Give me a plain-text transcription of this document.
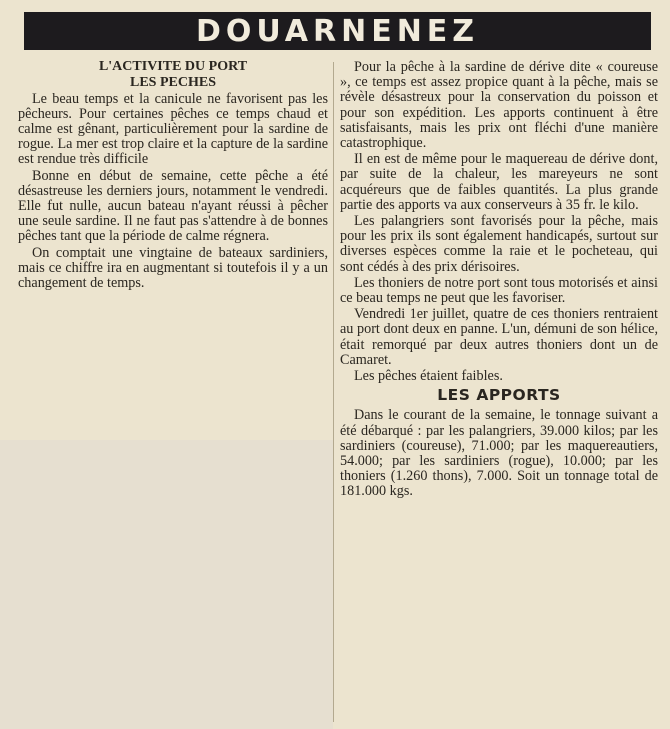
DOUARNENEZ
L'ACTIVITE DU PORT
LES PECHES

Le beau temps et la canicule ne favorisent pas les pêcheurs. Pour certaines pêches ce temps chaud et calme est gênant, particulièrement pour la sardine de rogue. La mer est trop claire et la capture de la sardine est rendue très difficile

Bonne en début de semaine, cette pêche a été désastreuse les derniers jours, notamment le vendredi. Elle fut nulle, aucun bateau n'ayant réussi à pêcher une seule sardine. Il ne faut pas s'attendre à de bonnes pêches tant que la période de calme régnera.

On comptait une vingtaine de bateaux sardiniers, mais ce chiffre ira en augmentant si toutefois il y a un changement de temps.

Pour la pêche à la sardine de dérive dite « coureuse », ce temps est assez propice quant à la pêche, mais se révèle désastreux pour la conservation du poisson et pour son expédition. Les apports continuent à être satisfaisants, mais les prix ont fléchi d'une manière catastrophique.

Il en est de même pour le maquereau de dérive dont, par suite de la chaleur, les mareyeurs ne sont acquéreurs que de faibles quantités. La plus grande partie des apports va aux conserveurs à 35 fr. le kilo.

Les palangriers sont favorisés pour la pêche, mais pour les prix ils sont également handicapés, surtout sur diverses espèces comme la raie et le pocheteau, qui sont cédés à des prix dérisoires.

Les thoniers de notre port sont tous motorisés et ainsi ce beau temps ne peut que les favoriser.

Vendredi 1er juillet, quatre de ces thoniers rentraient au port dont deux en panne. L'un, démuni de son hélice, était remorqué par deux autres thoniers dont un de Camaret.

Les pêches étaient faibles.

LES APPORTS

Dans le courant de la semaine, le tonnage suivant a été débarqué : par les palangriers, 39.000 kilos; par les sardiniers (coureuse), 71.000; par les maquereautiers, 54.000; par les sardiniers (rogue), 10.000; par les thoniers (1.260 thons), 7.000. Soit un tonnage total de 181.000 kgs.
